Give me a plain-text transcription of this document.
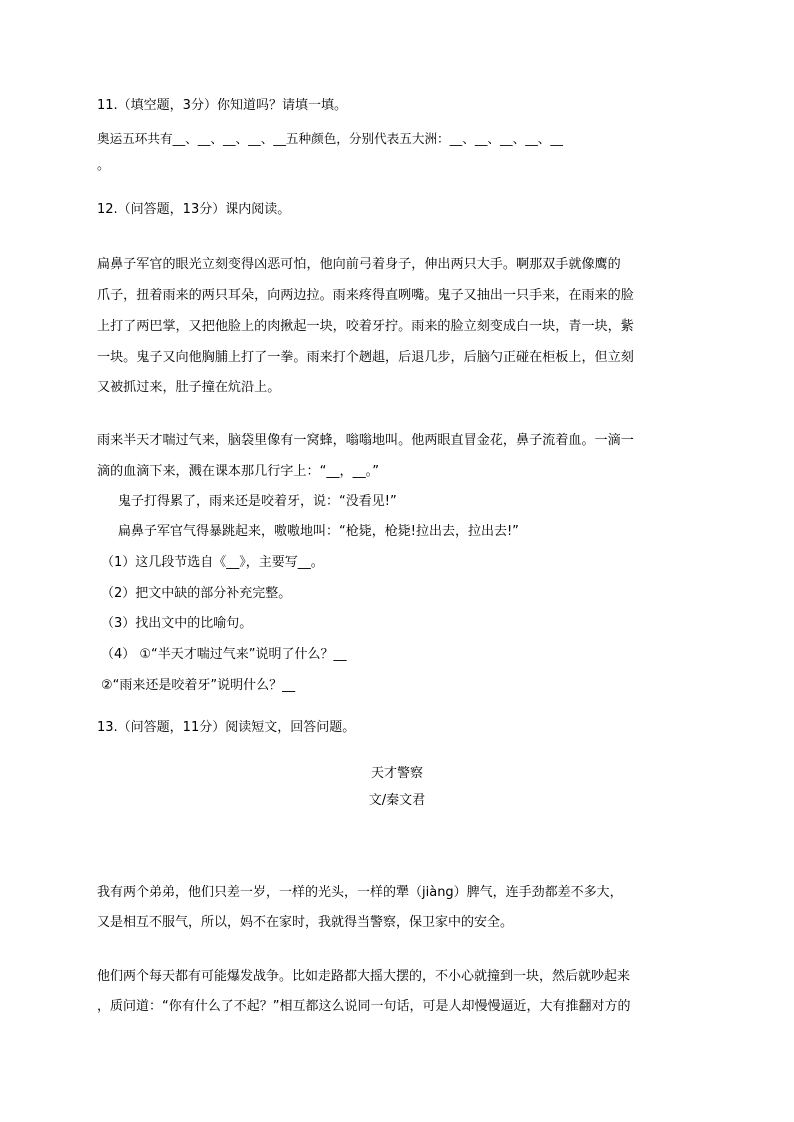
11.（填空题，3分）你知道吗？请填一填。
奥运五环共有__、__、__、__、__五种颜色，分别代表五大洲：__、__、__、__、__
。
12.（问答题，13分）课内阅读。
扁鼻子军官的眼光立刻变得凶恶可怕，他向前弓着身子，伸出两只大手。啊那双手就像鹰的
爪子，扭着雨来的两只耳朵，向两边拉。雨来疼得直咧嘴。鬼子又抽出一只手来，在雨来的脸
上打了两巴掌，又把他脸上的肉揪起一块，咬着牙拧。雨来的脸立刻变成白一块，青一块，紫
一块。鬼子又向他胸脯上打了一拳。雨来打个趔趄，后退几步，后脑勺正碰在柜板上，但立刻
又被抓过来，肚子撞在炕沿上。
雨来半天才喘过气来，脑袋里像有一窝蜂，嗡嗡地叫。他两眼直冒金花，鼻子流着血。一滴一
滴的血滴下来，溅在课本那几行字上：“__，__。”
鬼子打得累了，雨来还是咬着牙，说：“没看见!”
扁鼻子军官气得暴跳起来，嗷嗷地叫：“枪毙，枪毙!拉出去，拉出去!”
（1）这几段节选自《__》，主要写__。
（2）把文中缺的部分补充完整。
（3）找出文中的比喻句。
（4） ①“半天才喘过气来”说明了什么？__
②“雨来还是咬着牙”说明什么？__
13.（问答题，11分）阅读短文，回答问题。
天才警察
文/秦文君
我有两个弟弟，他们只差一岁，一样的光头，一样的犟（jiàng）脾气，连手劲都差不多大，
又是相互不服气，所以，妈不在家时，我就得当警察，保卫家中的安全。
他们两个每天都有可能爆发战争。比如走路都大摇大摆的，不小心就撞到一块，然后就吵起来
，质问道：“你有什么了不起？”相互都这么说同一句话，可是人却慢慢逼近，大有推翻对方的
